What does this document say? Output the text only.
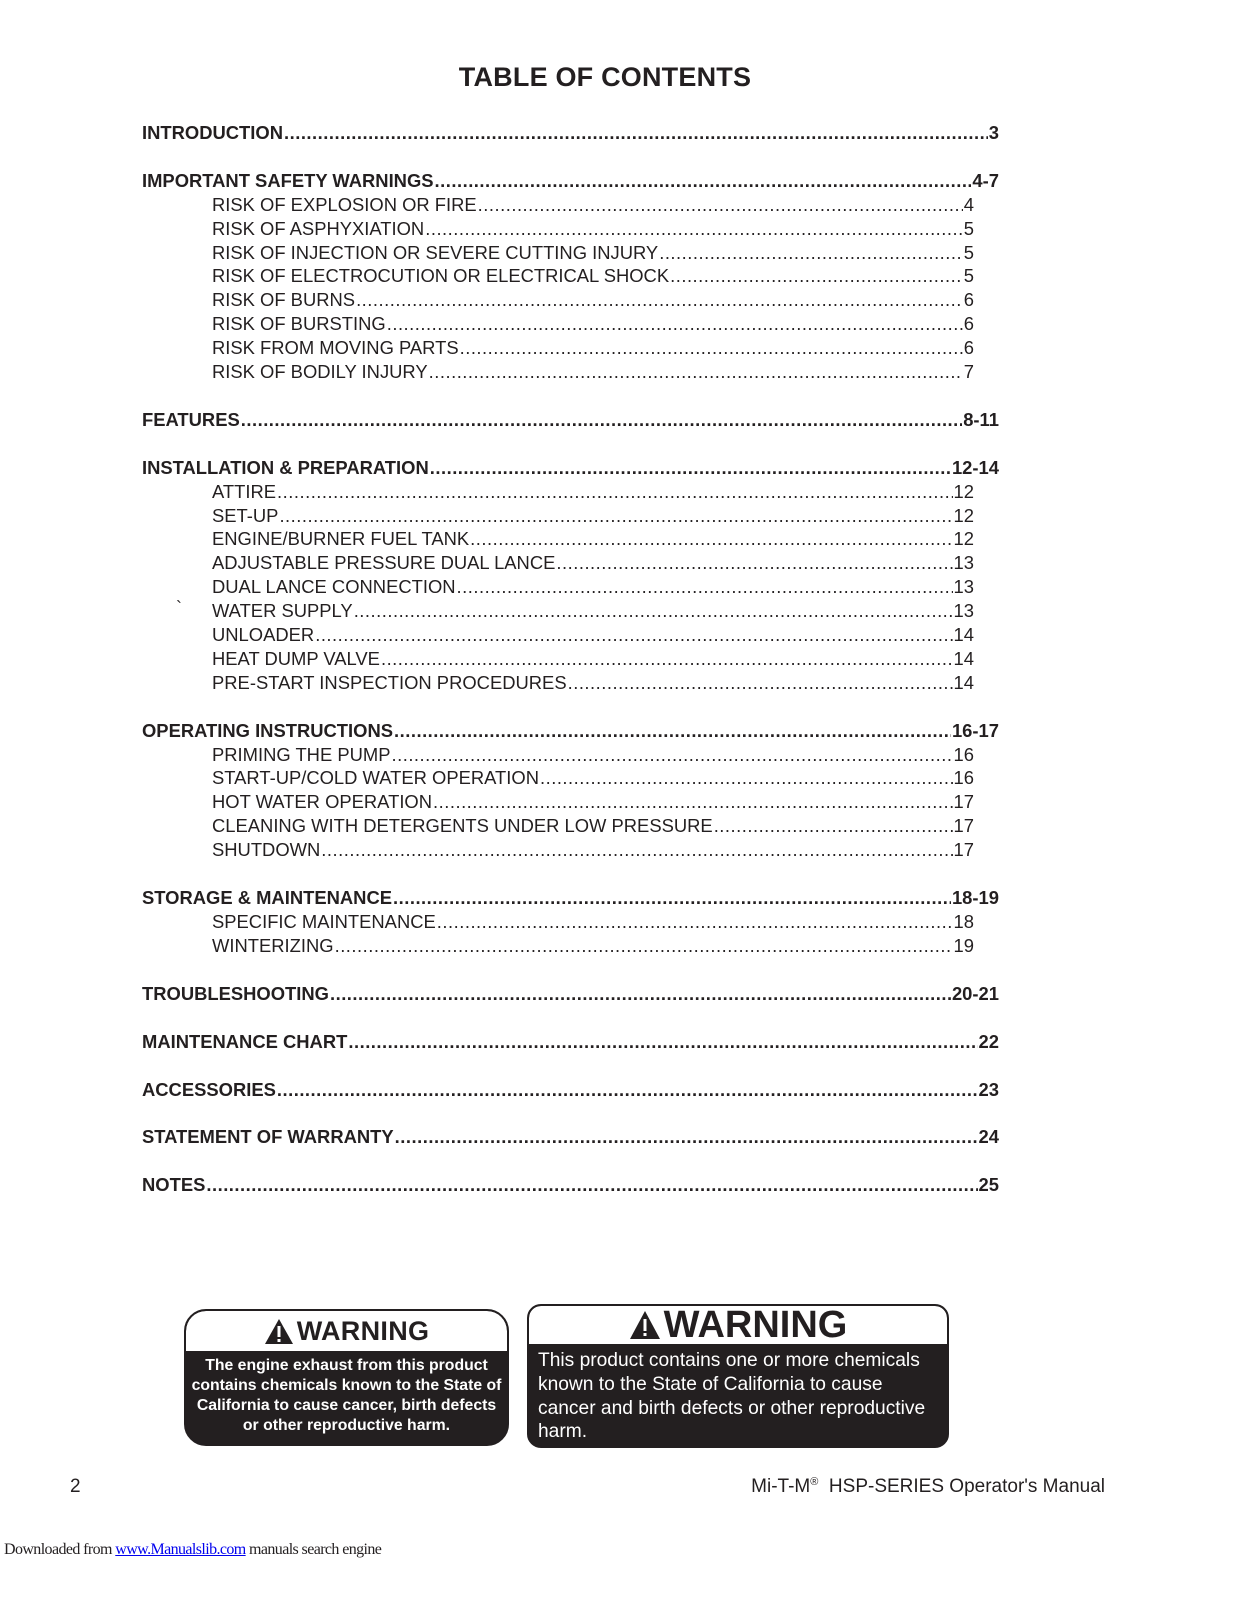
TABLE OF CONTENTS
INTRODUCTION .....	3
IMPORTANT SAFETY WARNINGS .....	4-7
RISK OF EXPLOSION OR FIRE .....	4
RISK OF ASPHYXIATION .....	5
RISK OF INJECTION OR SEVERE CUTTING INJURY .....	5
RISK OF ELECTROCUTION OR ELECTRICAL SHOCK .....	5
RISK OF BURNS .....	6
RISK OF BURSTING .....	6
RISK FROM MOVING PARTS .....	6
RISK OF BODILY INJURY .....	7
FEATURES .....	8-11
INSTALLATION & PREPARATION .....	12-14
ATTIRE .....	12
SET-UP .....	12
ENGINE/BURNER FUEL TANK .....	12
ADJUSTABLE PRESSURE DUAL LANCE .....	13
DUAL LANCE CONNECTION .....	13
` WATER SUPPLY .....	13
UNLOADER .....	14
HEAT DUMP VALVE .....	14
PRE-START INSPECTION PROCEDURES .....	14
OPERATING INSTRUCTIONS .....	16-17
PRIMING THE PUMP .....	16
START-UP/COLD WATER OPERATION .....	16
HOT WATER OPERATION .....	17
CLEANING WITH DETERGENTS UNDER LOW PRESSURE .....	17
SHUTDOWN .....	17
STORAGE & MAINTENANCE .....	18-19
SPECIFIC MAINTENANCE .....	18
WINTERIZING .....	19
TROUBLESHOOTING .....	20-21
MAINTENANCE CHART .....	22
ACCESSORIES .....	23
STATEMENT OF WARRANTY .....	24
NOTES .....	25
WARNING
The engine exhaust from this product contains chemicals known to the State of California to cause cancer, birth defects or other reproductive harm.
WARNING
This product contains one or more chemicals known to the State of California to cause cancer and birth defects or other reproductive harm.
2	Mi-T-M® HSP-SERIES Operator's Manual
Downloaded from www.Manualslib.com manuals search engine
